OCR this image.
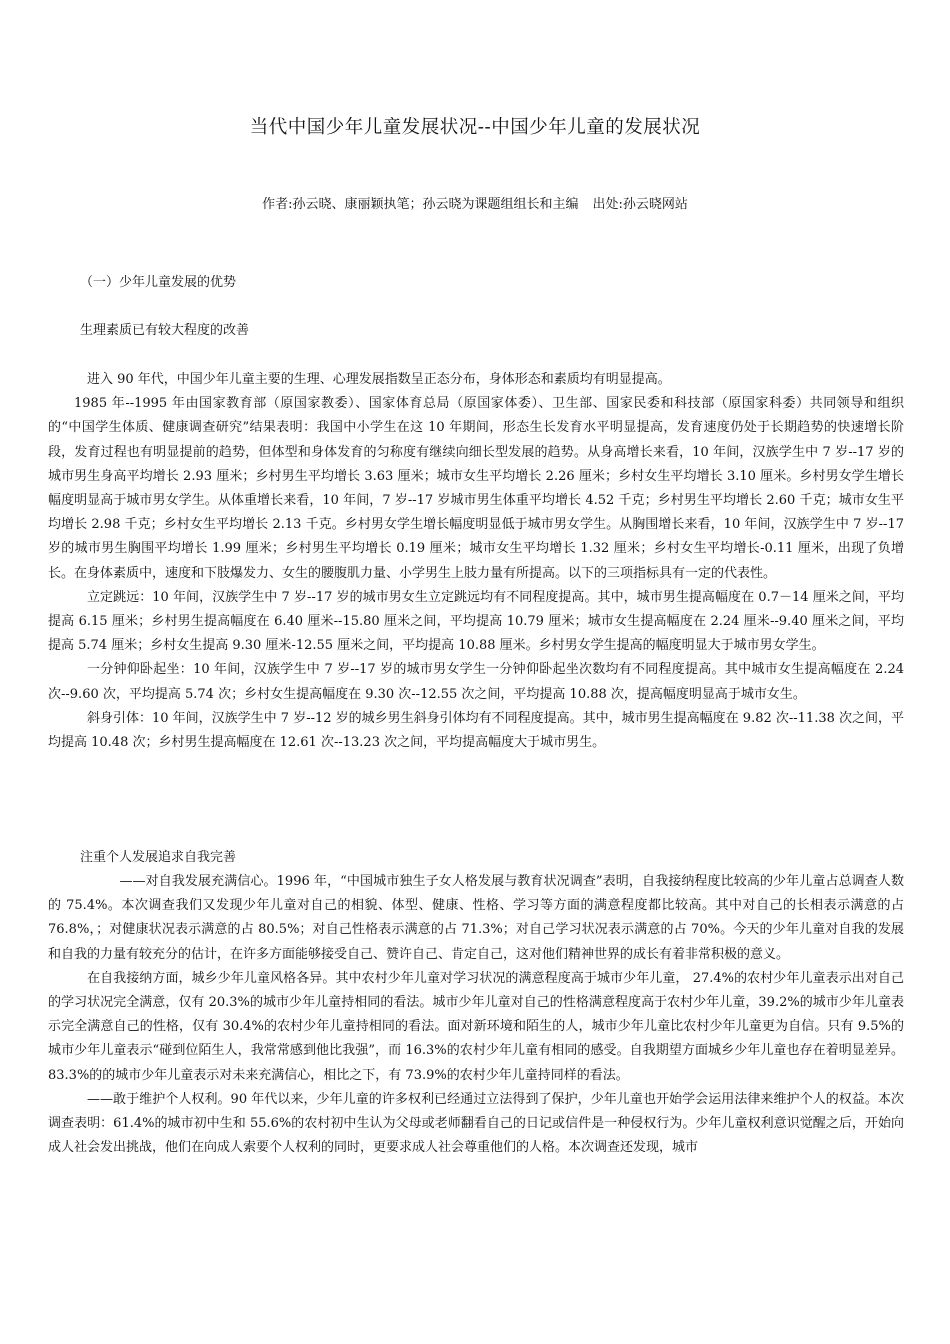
当代中国少年儿童发展状况--中国少年儿童的发展状况
作者:孙云晓、康丽颖执笔；孙云晓为课题组组长和主编 出处:孙云晓网站
（一）少年儿童发展的优势
生理素质已有较大程度的改善

进入 90 年代，中国少年儿童主要的生理、心理发展指数呈正态分布，身体形态和素质均有明显提高。

1985 年--1995 年由国家教育部（原国家教委）、国家体育总局（原国家体委）、卫生部、国家民委和科技部（原国家科委）共同领导和组织的“中国学生体质、健康调查研究”结果表明：我国中小学生在这 10 年期间，形态生长发育水平明显提高，发育速度仍处于长期趋势的快速增长阶段，发育过程也有明显提前的趋势，但体型和身体发育的匀称度有继续向细长型发展的趋势。从身高增长来看，10 年间，汉族学生中 7 岁--17 岁的城市男生身高平均增长 2.93 厘米；乡村男生平均增长 3.63 厘米；城市女生平均增长 2.26 厘米；乡村女生平均增长 3.10 厘米。乡村男女学生增长幅度明显高于城市男女学生。从体重增长来看，10 年间，7 岁--17 岁城市男生体重平均增长 4.52 千克；乡村男生平均增长 2.60 千克；城市女生平均增长 2.98 千克；乡村女生平均增长 2.13 千克。乡村男女学生增长幅度明显低于城市男女学生。从胸围增长来看，10 年间，汉族学生中 7 岁--17 岁的城市男生胸围平均增长 1.99 厘米；乡村男生平均增长 0.19 厘米；城市女生平均增长 1.32 厘米；乡村女生平均增长-0.11 厘米，出现了负增长。在身体素质中，速度和下肢爆发力、女生的腰腹肌力量、小学男生上肢力量有所提高。以下的三项指标具有一定的代表性。

立定跳远：10 年间，汉族学生中 7 岁--17 岁的城市男女生立定跳远均有不同程度提高。其中，城市男生提高幅度在 0.7－14 厘米之间，平均提高 6.15 厘米；乡村男生提高幅度在 6.40 厘米--15.80 厘米之间，平均提高 10.79 厘米；城市女生提高幅度在 2.24 厘米--9.40 厘米之间，平均提高 5.74 厘米；乡村女生提高 9.30 厘米-12.55 厘米之间，平均提高 10.88 厘米。乡村男女学生提高的幅度明显大于城市男女学生。

一分钟仰卧起坐：10 年间，汉族学生中 7 岁--17 岁的城市男女学生一分钟仰卧起坐次数均有不同程度提高。其中城市女生提高幅度在 2.24 次--9.60 次，平均提高 5.74 次；乡村女生提高幅度在 9.30 次--12.55 次之间，平均提高 10.88 次，提高幅度明显高于城市女生。

斜身引体：10 年间，汉族学生中 7 岁--12 岁的城乡男生斜身引体均有不同程度提高。其中，城市男生提高幅度在 9.82 次--11.38 次之间，平均提高 10.48 次；乡村男生提高幅度在 12.61 次--13.23 次之间，平均提高幅度大于城市男生。

注重个人发展追求自我完善

——对自我发展充满信心。1996 年，“中国城市独生子女人格发展与教育状况调查”表明，自我接纳程度比较高的少年儿童占总调查人数的 75.4%。本次调查我们又发现少年儿童对自己的相貌、体型、健康、性格、学习等方面的满意程度都比较高。其中对自己的长相表示满意的占 76.8%，；对健康状况表示满意的占 80.5%；对自己性格表示满意的占 71.3%；对自己学习状况表示满意的占 70%。今天的少年儿童对自我的发展和自我的力量有较充分的估计，在许多方面能够接受自己、赞许自己、肯定自己，这对他们精神世界的成长有着非常积极的意义。

在自我接纳方面，城乡少年儿童风格各异。其中农村少年儿童对学习状况的满意程度高于城市少年儿童， 27.4%的农村少年儿童表示出对自己的学习状况完全满意，仅有 20.3%的城市少年儿童持相同的看法。城市少年儿童对自己的性格满意程度高于农村少年儿童，39.2%的城市少年儿童表示完全满意自己的性格，仅有 30.4%的农村少年儿童持相同的看法。面对新环境和陌生的人，城市少年儿童比农村少年儿童更为自信。只有 9.5%的城市少年儿童表示“碰到位陌生人，我常常感到他比我强”，而 16.3%的农村少年儿童有相同的感受。自我期望方面城乡少年儿童也存在着明显差异。 83.3%的的城市少年儿童表示对未来充满信心，相比之下，有 73.9%的农村少年儿童持同样的看法。

——敢于维护个人权利。90 年代以来，少年儿童的许多权利已经通过立法得到了保护，少年儿童也开始学会运用法律来维护个人的权益。本次调查表明：61.4%的城市初中生和 55.6%的农村初中生认为父母或老师翻看自己的日记或信件是一种侵权行为。少年儿童权利意识觉醒之后，开始向成人社会发出挑战，他们在向成人索要个人权利的同时，更要求成人社会尊重他们的人格。本次调查还发现，城市
